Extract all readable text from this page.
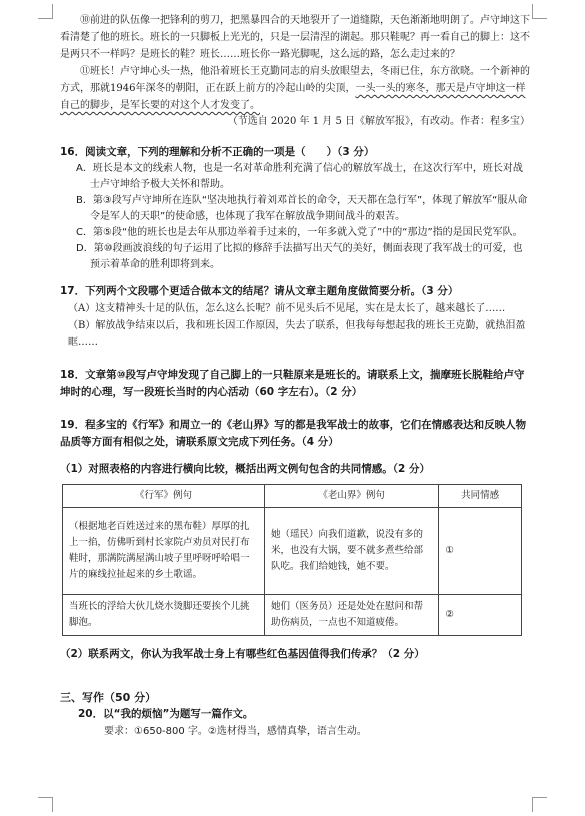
⑩前进的队伍像一把锋利的剪刀，把黑暴四合的天地裂开了一道缝隙，天色渐渐地明朗了。卢守坤这下看清楚了他的班长。班长的一只脚板上光光的，只是一层清涅的湖起。那只鞋呢？再一看自己的脚上：这不是两只不一样吗？是班长的鞋？班长……班长你一路光脚呢，这么远的路，怎么走过来的？

⑪班长！卢守坤心头一热，他沿着班长王克勤同志的肩头放眼望去，冬雨已住，东方欲晓。一个新神的方式，那就1946年深冬的朝阳，正在跃上前方的冷起山岭的尖顶，一头一头的寒冬，那天是卢守坤这一样自己的脚步，是军长要的对这个人才发变了。

（节选自 2020 年 1 月 5 日《解放军报》，有改动。作者：程多宝）

16．阅读文章，下列的理解和分析不正确的一项是（　　）（3 分）

A．班长是本文的线索人物，也是一名对革命胜利充满了信心的解放军战士，在这次行军中，班长对战士卢守坤给予极大关怀和帮助。

B．第③段写卢守坤所在连队“坚决地执行着刘邓首长的命令，天天都在急行军”，体现了解放军“服从命令是军人的天职”的使命感，也体现了我军在解放战争期间战斗的艰苦。

C．第⑤段“他的班长也是去年从那边举着手过来的，一年多就入党了”中的“那边”指的是国民党军队。

D．第⑩段画波浪线的句子运用了比拟的修辞手法描写出天气的美好，侧面表现了我军战士的可爱，也预示着革命的胜利即将到来。

17．下列两个文段哪个更适合做本文的结尾？请从文章主题角度做简要分析。（3 分）

（A）这支精神头十足的队伍，怎么这么长呢？前不见头后不见尾，实在是太长了，越来越长了……

（B）解放战争结束以后，我和班长因工作原因，失去了联系，但我每每想起我的班长王克勤，就热泪盈眶……

18．文章第⑩段写卢守坤发现了自己脚上的一只鞋原来是班长的。请联系上文，揣摩班长脱鞋给卢守坤时的心理，写一段班长当时的内心活动（60 字左右）。（2 分）

19．程多宝的《行军》和周立一的《老山界》写的都是我军战士的故事，它们在情感表达和反映人物品质等方面有相似之处，请联系原文完成下列任务。（4 分）

（1）对照表格的内容进行横向比较，概括出两文例句包含的共同情感。（2 分）

《行军》例句	《老山界》例句	共同情感
（根据地老百姓送过来的黑布鞋）厚厚的扎上一掐，仿佛听到村长家院卢劝员对民打布鞋时，那满院满屋满山坡子里呼呀呼哈唱一片的麻线拉扯起来的乡土歌谣。	她（瑶民）向我们道歉，说没有多的米，也没有大锅，要不就多煮些给部队吃。我们给她钱，她不要。	①
当班长的浮给大伙儿烧水烫脚还要挨个儿挑脚泡。	她们（医务员）还是处处在慰问和帮助伤病员，一点也不知道疲倦。	②

（2）联系两文，你认为我军战士身上有哪些红色基因值得我们传承？（2 分）

三、写作（50 分）

20．以“我的烦恼”为题写一篇作文。

要求：①650-800 字。②选材得当，感情真挚，语言生动。
